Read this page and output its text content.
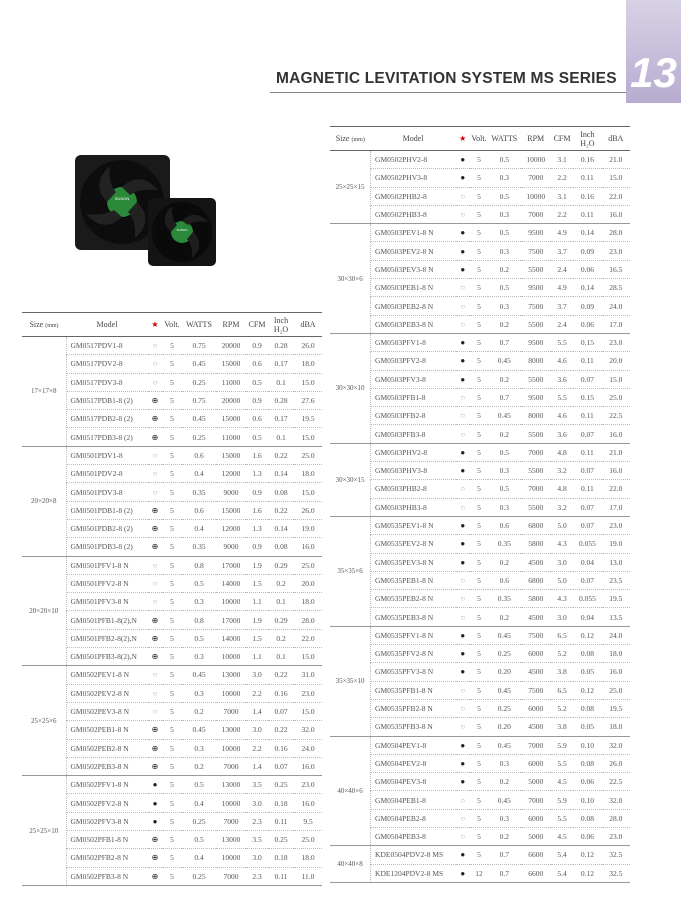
13
MAGNETIC LEVITATION SYSTEM MS SERIES
SUNON
SUNON
Size (mm)	Model	★	Volt.	WATTS	RPM	CFM	Inch
H₂O	dBA
17×17×8	GM0517PDV1-8	○	5	0.75	20000	0.9	0.28	26.0
	GM0517PDV2-8	○	5	0.45	15000	0.6	0.17	18.0
	GM0517PDV3-8	○	5	0.25	11000	0.5	0.1	15.0
	GM0517PDB1-8 (2)	⊕	5	0.75	20000	0.9	0.28	27.6
	GM0517PDB2-8 (2)	⊕	5	0.45	15000	0.6	0.17	19.5
	GM0517PDB3-8 (2)	⊕	5	0.25	11000	0.5	0.1	15.0
20×20×8	GM0501PDV1-8	○	5	0.6	15000	1.6	0.22	25.0
	GM0501PDV2-8	○	5	0.4	12000	1.3	0.14	18.0
	GM0501PDV3-8	○	5	0.35	9000	0.9	0.08	15.0
	GM0501PDB1-8 (2)	⊕	5	0.6	15000	1.6	0.22	26.0
	GM0501PDB2-8 (2)	⊕	5	0.4	12000	1.3	0.14	19.0
	GM0501PDB3-8 (2)	⊕	5	0.35	9000	0.9	0.08	16.0
20×20×10	GM0501PFV1-8 N	○	5	0.8	17000	1.9	0.29	25.0
	GM0501PFV2-8 N	○	5	0.5	14000	1.5	0.2	20.0
	GM0501PFV3-8 N	○	5	0.3	10000	1.1	0.1	18.0
	GM0501PFB1-8(2),N	⊕	5	0.8	17000	1.9	0.29	28.0
	GM0501PFB2-8(2),N	⊕	5	0.5	14000	1.5	0.2	22.0
	GM0501PFB3-8(2),N	⊕	5	0.3	10000	1.1	0.1	15.0
25×25×6	GM0502PEV1-8 N	○	5	0.45	13000	3.0	0.22	31.0
	GM0502PEV2-8 N	○	5	0.3	10000	2.2	0.16	23.0
	GM0502PEV3-8 N	○	5	0.2	7000	1.4	0.07	15.0
	GM0502PEB1-8 N	⊕	5	0.45	13000	3.0	0.22	32.0
	GM0502PEB2-8 N	⊕	5	0.3	10000	2.2	0.16	24.0
	GM0502PEB3-8 N	⊕	5	0.2	7000	1.4	0.07	16.0
25×25×10	GM0502PFV1-8 N	●	5	0.5	13000	3.5	0.25	23.0
	GM0502PFV2-8 N	●	5	0.4	10000	3.0	0.18	16.0
	GM0502PFV3-8 N	●	5	0.25	7000	2.3	0.11	9.5
	GM0502PFB1-8 N	⊕	5	0.5	13000	3.5	0.25	25.0
	GM0502PFB2-8 N	⊕	5	0.4	10000	3.0	0.18	18.0
	GM0502PFB3-8 N	⊕	5	0.25	7000	2.3	0.11	11.0
Size (mm)	Model	★	Volt.	WATTS	RPM	CFM	Inch
H₂O	dBA
25×25×15	GM0502PHV2-8	●	5	0.5	10000	3.1	0.16	21.0
	GM0502PHV3-8	●	5	0.3	7000	2.2	0.11	15.0
	GM0502PHB2-8	○	5	0.5	10000	3.1	0.16	22.0
	GM0502PHB3-8	○	5	0.3	7000	2.2	0.11	16.0
30×30×6	GM0503PEV1-8 N	●	5	0.5	9500	4.9	0.14	28.0
	GM0503PEV2-8 N	●	5	0.3	7500	3.7	0.09	23.0
	GM0503PEV3-8 N	●	5	0.2	5500	2.4	0.06	16.5
	GM0503PEB1-8 N	○	5	0.5	9500	4.9	0.14	28.5
	GM0503PEB2-8 N	○	5	0.3	7500	3.7	0.09	24.0
	GM0503PEB3-8 N	○	5	0.2	5500	2.4	0.06	17.0
30×30×10	GM0503PFV1-8	●	5	0.7	9500	5.5	0.15	23.0
	GM0503PFV2-8	●	5	0.45	8000	4.6	0.11	20.0
	GM0503PFV3-8	●	5	0.2	5500	3.6	0.07	15.0
	GM0503PFB1-8	○	5	0.7	9500	5.5	0.15	25.0
	GM0503PFB2-8	○	5	0.45	8000	4.6	0.11	22.5
	GM0503PFB3-8	○	5	0.2	5500	3.6	0.07	16.0
30×30×15	GM0503PHV2-8	●	5	0.5	7000	4.8	0.11	21.0
	GM0503PHV3-8	●	5	0.3	5500	3.2	0.07	16.0
	GM0503PHB2-8	○	5	0.5	7000	4.8	0.11	22.0
	GM0503PHB3-8	○	5	0.3	5500	3.2	0.07	17.0
35×35×6	GM0535PEV1-8 N	●	5	0.6	6800	5.0	0.07	23.0
	GM0535PEV2-8 N	●	5	0.35	5800	4.3	0.055	19.0
	GM0535PEV3-8 N	●	5	0.2	4500	3.0	0.04	13.0
	GM0535PEB1-8 N	○	5	0.6	6800	5.0	0.07	23.5
	GM0535PEB2-8 N	○	5	0.35	5800	4.3	0.055	19.5
	GM0535PEB3-8 N	○	5	0.2	4500	3.0	0.04	13.5
35×35×10	GM0535PFV1-8 N	●	5	0.45	7500	6.5	0.12	24.0
	GM0535PFV2-8 N	●	5	0.25	6000	5.2	0.08	18.0
	GM0535PFV3-8 N	●	5	0.20	4500	3.8	0.05	16.0
	GM0535PFB1-8 N	○	5	0.45	7500	6.5	0.12	25.0
	GM0535PFB2-8 N	○	5	0.25	6000	5.2	0.08	19.5
	GM0535PFB3-8 N	○	5	0.20	4500	3.8	0.05	18.0
40×40×6	GM0504PEV1-8	●	5	0.45	7000	5.9	0.10	32.0
	GM0504PEV2-8	●	5	0.3	6000	5.5	0.08	26.0
	GM0504PEV3-8	●	5	0.2	5000	4.5	0.06	22.5
	GM0504PEB1-8	○	5	0.45	7000	5.9	0.10	32.0
	GM0504PEB2-8	○	5	0.3	6000	5.5	0.08	28.0
	GM0504PEB3-8	○	5	0.2	5000	4.5	0.06	23.0
40×40×8	KDE0504PDV2-8 MS	●	5	0.7	6600	5.4	0.12	32.5
	KDE1204PDV2-8 MS	●	12	0.7	6600	5.4	0.12	32.5
